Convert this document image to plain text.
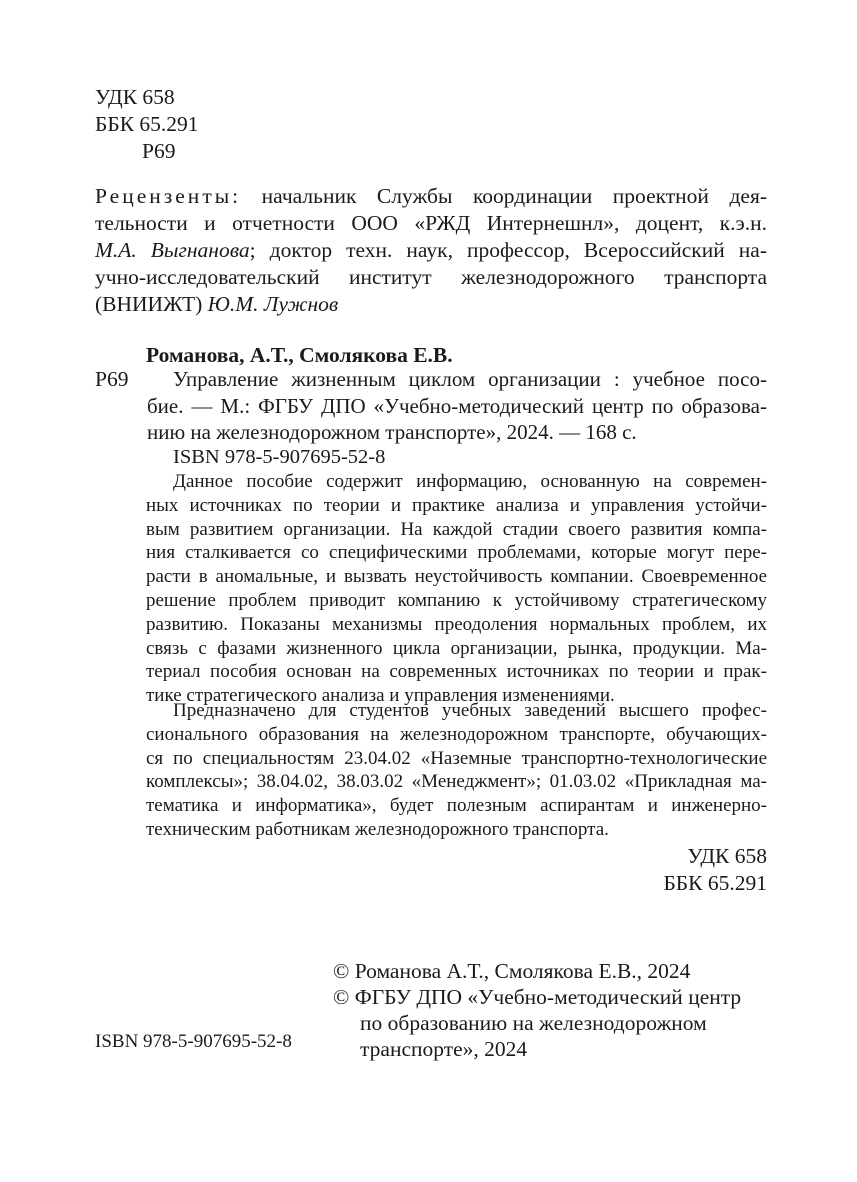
УДК 658
ББК 65.291
Р69
Рецензенты: начальник Службы координации проектной дея-
тельности и отчетности ООО «РЖД Интернешнл», доцент, к.э.н.
М.А. Выгнанова; доктор техн. наук, профессор, Всероссийский на-
учно-исследовательский институт железнодорожного транспорта
(ВНИИЖТ) Ю.М. Лужнов
Романова, А.Т., Смолякова Е.В.
Р69 Управление жизненным циклом организации : учебное посо-
бие. — М.: ФГБУ ДПО «Учебно-методический центр по образова-
нию на железнодорожном транспорте», 2024. — 168 с.
ISBN 978-5-907695-52-8
Данное пособие содержит информацию, основанную на современ-
ных источниках по теории и практике анализа и управления устойчи-
вым развитием организации. На каждой стадии своего развития компа-
ния сталкивается со специфическими проблемами, которые могут пере-
расти в аномальные, и вызвать неустойчивость компании. Своевременное
решение проблем приводит компанию к устойчивому стратегическому
развитию. Показаны механизмы преодоления нормальных проблем, их
связь с фазами жизненного цикла организации, рынка, продукции. Ма-
териал пособия основан на современных источниках по теории и прак-
тике стратегического анализа и управления изменениями.
Предназначено для студентов учебных заведений высшего профес-
сионального образования на железнодорожном транспорте, обучающих-
ся по специальностям 23.04.02 «Наземные транспортно-технологические
комплексы»; 38.04.02, 38.03.02 «Менеджмент»; 01.03.02 «Прикладная ма-
тематика и информатика», будет полезным аспирантам и инженерно-
техническим работникам железнодорожного транспорта.
УДК 658
ББК 65.291
© Романова А.Т., Смолякова Е.В., 2024
© ФГБУ ДПО «Учебно-методический центр
по образованию на железнодорожном
транспорте», 2024
ISBN 978-5-907695-52-8
